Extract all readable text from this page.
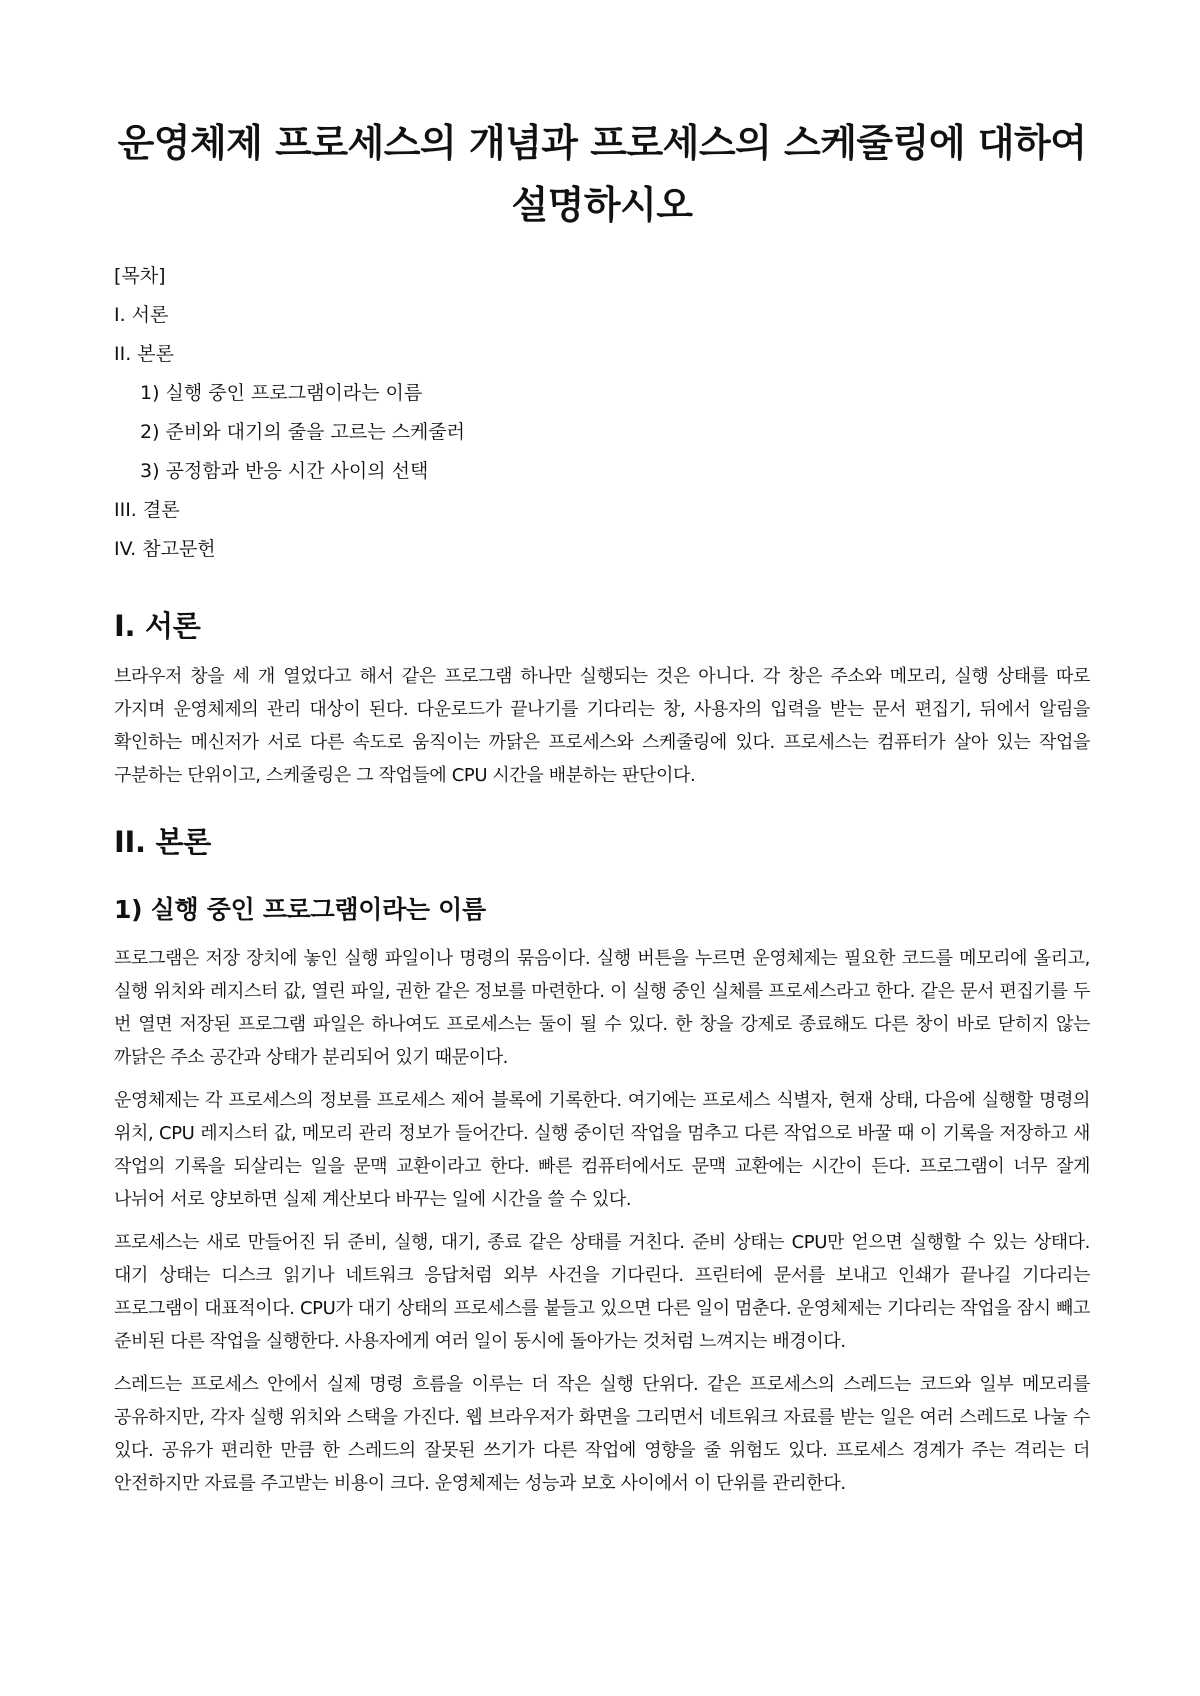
운영체제 프로세스의 개념과 프로세스의 스케줄링에 대하여 설명하시오
[목차]
I. 서론
II. 본론
1) 실행 중인 프로그램이라는 이름
2) 준비와 대기의 줄을 고르는 스케줄러
3) 공정함과 반응 시간 사이의 선택
III. 결론
IV. 참고문헌
I. 서론

브라우저 창을 세 개 열었다고 해서 같은 프로그램 하나만 실행되는 것은 아니다. 각 창은 주소와 메모리, 실행 상태를 따로 가지며 운영체제의 관리 대상이 된다. 다운로드가 끝나기를 기다리는 창, 사용자의 입력을 받는 문서 편집기, 뒤에서 알림을 확인하는 메신저가 서로 다른 속도로 움직이는 까닭은 프로세스와 스케줄링에 있다. 프로세스는 컴퓨터가 살아 있는 작업을 구분하는 단위이고, 스케줄링은 그 작업들에 CPU 시간을 배분하는 판단이다.

II. 본론
1) 실행 중인 프로그램이라는 이름

프로그램은 저장 장치에 놓인 실행 파일이나 명령의 묶음이다. 실행 버튼을 누르면 운영체제는 필요한 코드를 메모리에 올리고, 실행 위치와 레지스터 값, 열린 파일, 권한 같은 정보를 마련한다. 이 실행 중인 실체를 프로세스라고 한다. 같은 문서 편집기를 두 번 열면 저장된 프로그램 파일은 하나여도 프로세스는 둘이 될 수 있다. 한 창을 강제로 종료해도 다른 창이 바로 닫히지 않는 까닭은 주소 공간과 상태가 분리되어 있기 때문이다.

운영체제는 각 프로세스의 정보를 프로세스 제어 블록에 기록한다. 여기에는 프로세스 식별자, 현재 상태, 다음에 실행할 명령의 위치, CPU 레지스터 값, 메모리 관리 정보가 들어간다. 실행 중이던 작업을 멈추고 다른 작업으로 바꿀 때 이 기록을 저장하고 새 작업의 기록을 되살리는 일을 문맥 교환이라고 한다. 빠른 컴퓨터에서도 문맥 교환에는 시간이 든다. 프로그램이 너무 잘게 나뉘어 서로 양보하면 실제 계산보다 바꾸는 일에 시간을 쓸 수 있다.

프로세스는 새로 만들어진 뒤 준비, 실행, 대기, 종료 같은 상태를 거친다. 준비 상태는 CPU만 얻으면 실행할 수 있는 상태다. 대기 상태는 디스크 읽기나 네트워크 응답처럼 외부 사건을 기다린다. 프린터에 문서를 보내고 인쇄가 끝나길 기다리는 프로그램이 대표적이다. CPU가 대기 상태의 프로세스를 붙들고 있으면 다른 일이 멈춘다. 운영체제는 기다리는 작업을 잠시 빼고 준비된 다른 작업을 실행한다. 사용자에게 여러 일이 동시에 돌아가는 것처럼 느껴지는 배경이다.

스레드는 프로세스 안에서 실제 명령 흐름을 이루는 더 작은 실행 단위다. 같은 프로세스의 스레드는 코드와 일부 메모리를 공유하지만, 각자 실행 위치와 스택을 가진다. 웹 브라우저가 화면을 그리면서 네트워크 자료를 받는 일은 여러 스레드로 나눌 수 있다. 공유가 편리한 만큼 한 스레드의 잘못된 쓰기가 다른 작업에 영향을 줄 위험도 있다. 프로세스 경계가 주는 격리는 더 안전하지만 자료를 주고받는 비용이 크다. 운영체제는 성능과 보호 사이에서 이 단위를 관리한다.
